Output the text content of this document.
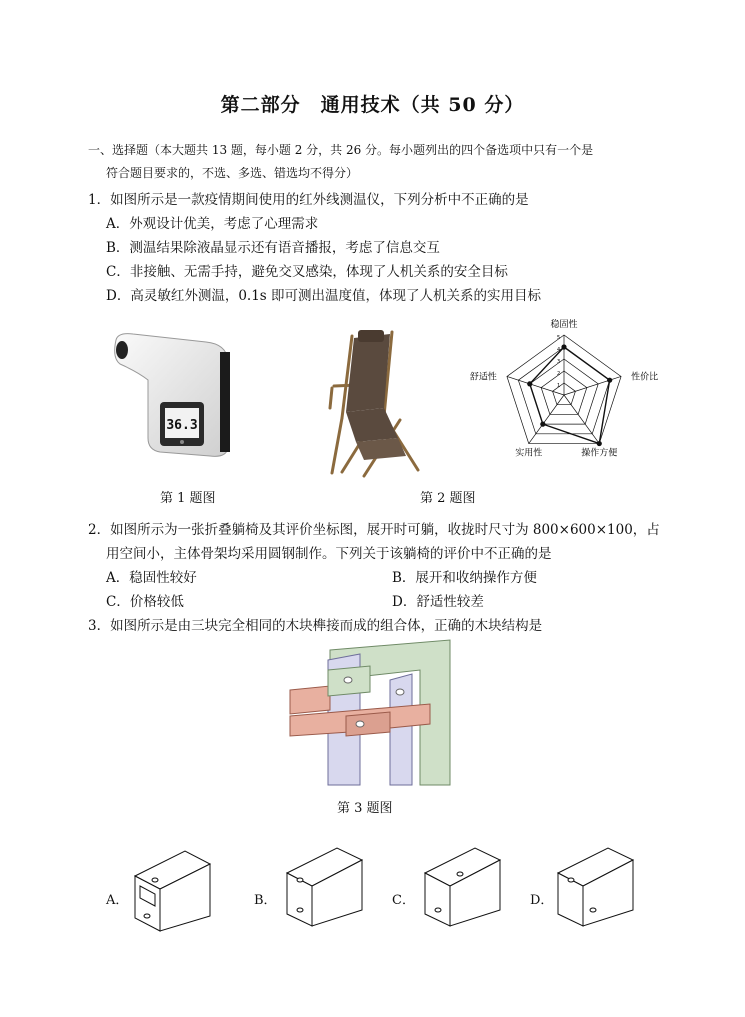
第二部分　通用技术（共 50 分）
一、选择题（本大题共 13 题，每小题 2 分，共 26 分。每小题列出的四个备选项中只有一个是
符合题目要求的，不选、多选、错选均不得分）
1．如图所示是一款疫情期间使用的红外线测温仪，下列分析中不正确的是
A．外观设计优美，考虑了心理需求
B．测温结果除液晶显示还有语音播报，考虑了信息交互
C．非接触、无需手持，避免交叉感染，体现了人机关系的安全目标
D．高灵敏红外测温，0.1s 即可测出温度值，体现了人机关系的实用目标
36.3
稳固性
性价比
操作方便
实用性
舒适性
1
2
3
4
5
第 1 题图	第 2 题图
2．如图所示为一张折叠躺椅及其评价坐标图，展开时可躺，收拢时尺寸为 800×600×100，占
用空间小，主体骨架均采用圆钢制作。下列关于该躺椅的评价中不正确的是
A．稳固性较好	B．展开和收纳操作方便
C．价格较低	D．舒适性较差
3．如图所示是由三块完全相同的木块榫接而成的组合体，正确的木块结构是
第 3 题图
A．	B．	C．	D．
